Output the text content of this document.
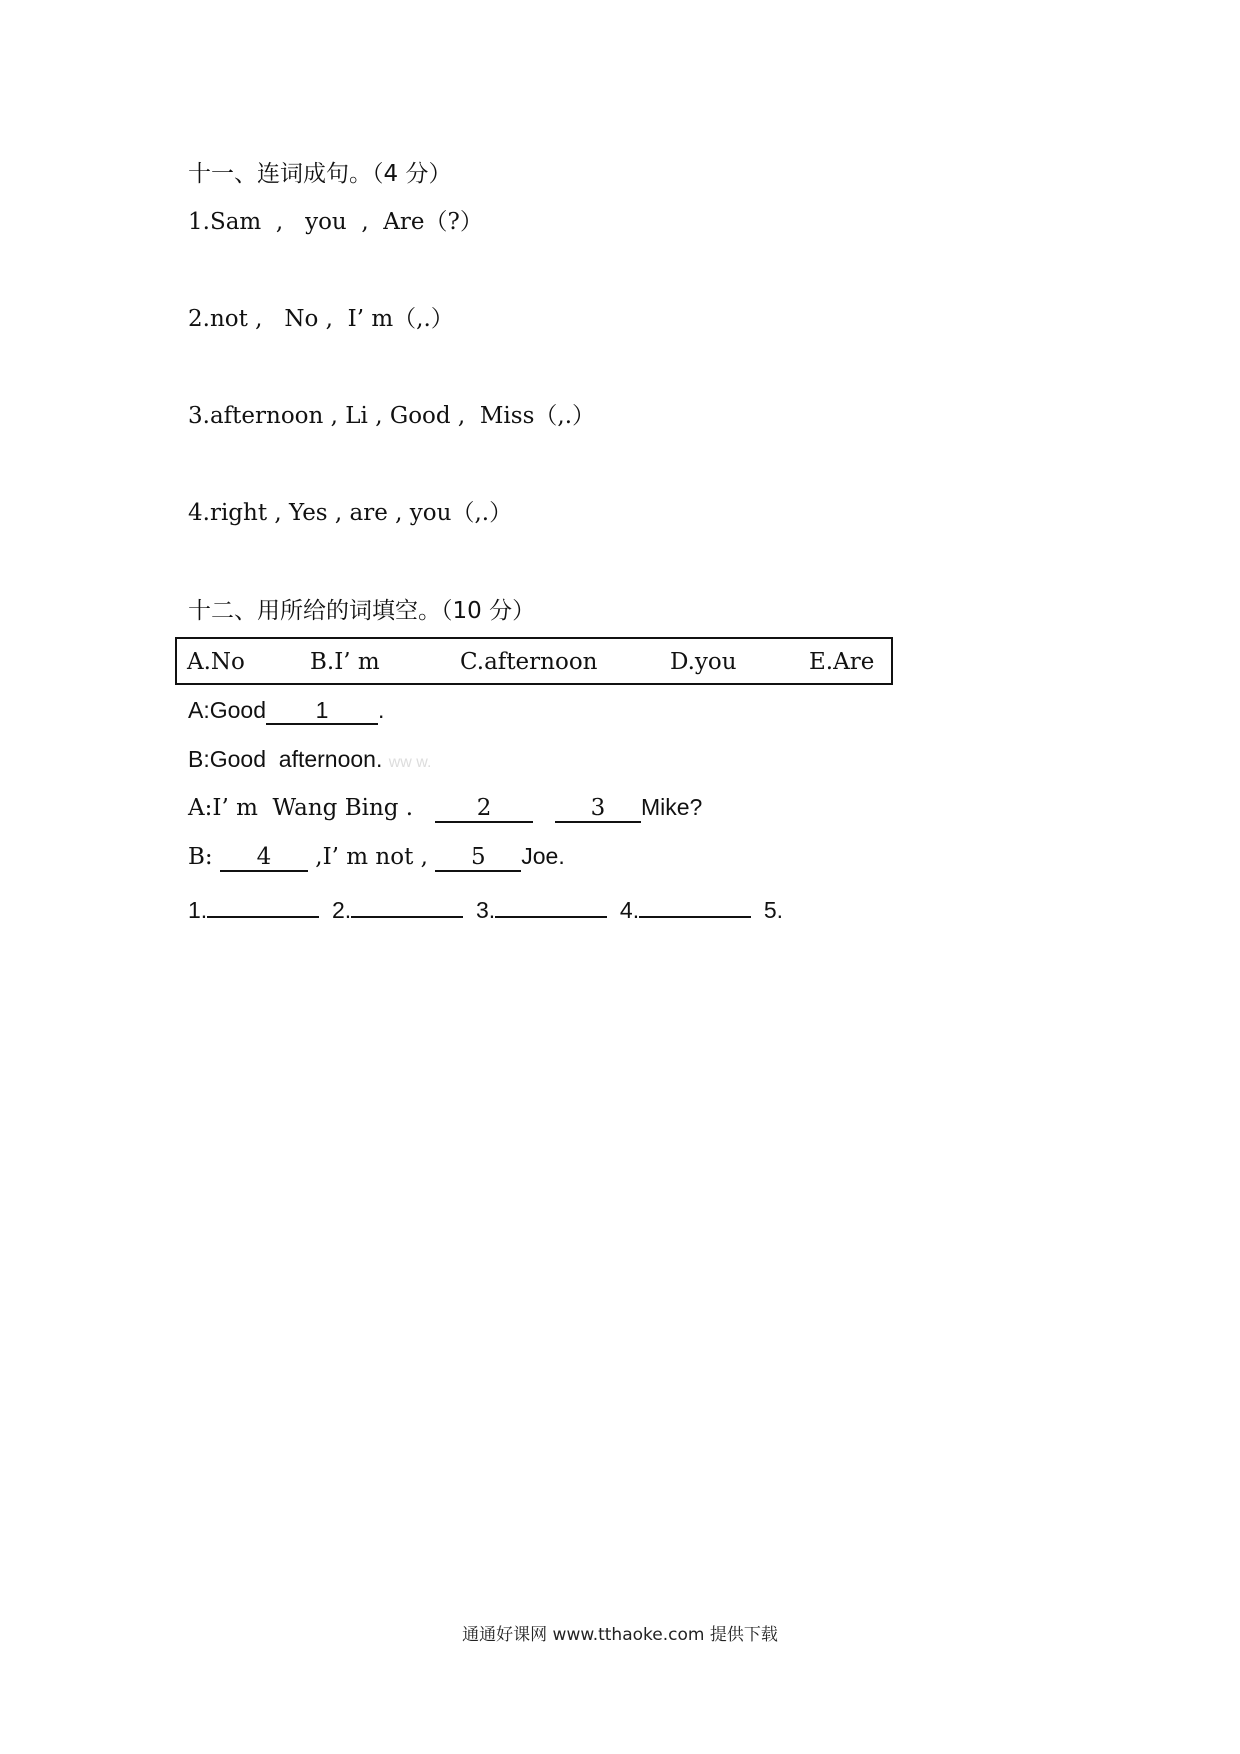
十一、连词成句。（4 分）
1.Sam  ,   you  ,  Are（?）
2.not ,   No ,  I’ m（,.）
3.afternoon , Li , Good ,  Miss（,.）
4.right , Yes , are , you（,.）
十二、用所给的词填空。（10 分）
A.No	B.I’ m	C.afternoon	D.you	E.Are
A:Good 1 .
B:Good  afternoon. ww w.
A:I’ m  Wang Bing .   2	3 Mike?
B: 4 ,I’ m not , 5 Joe.
1.	2.	3.	4.	5.
通通好课网 www.tthaoke.com 提供下载
